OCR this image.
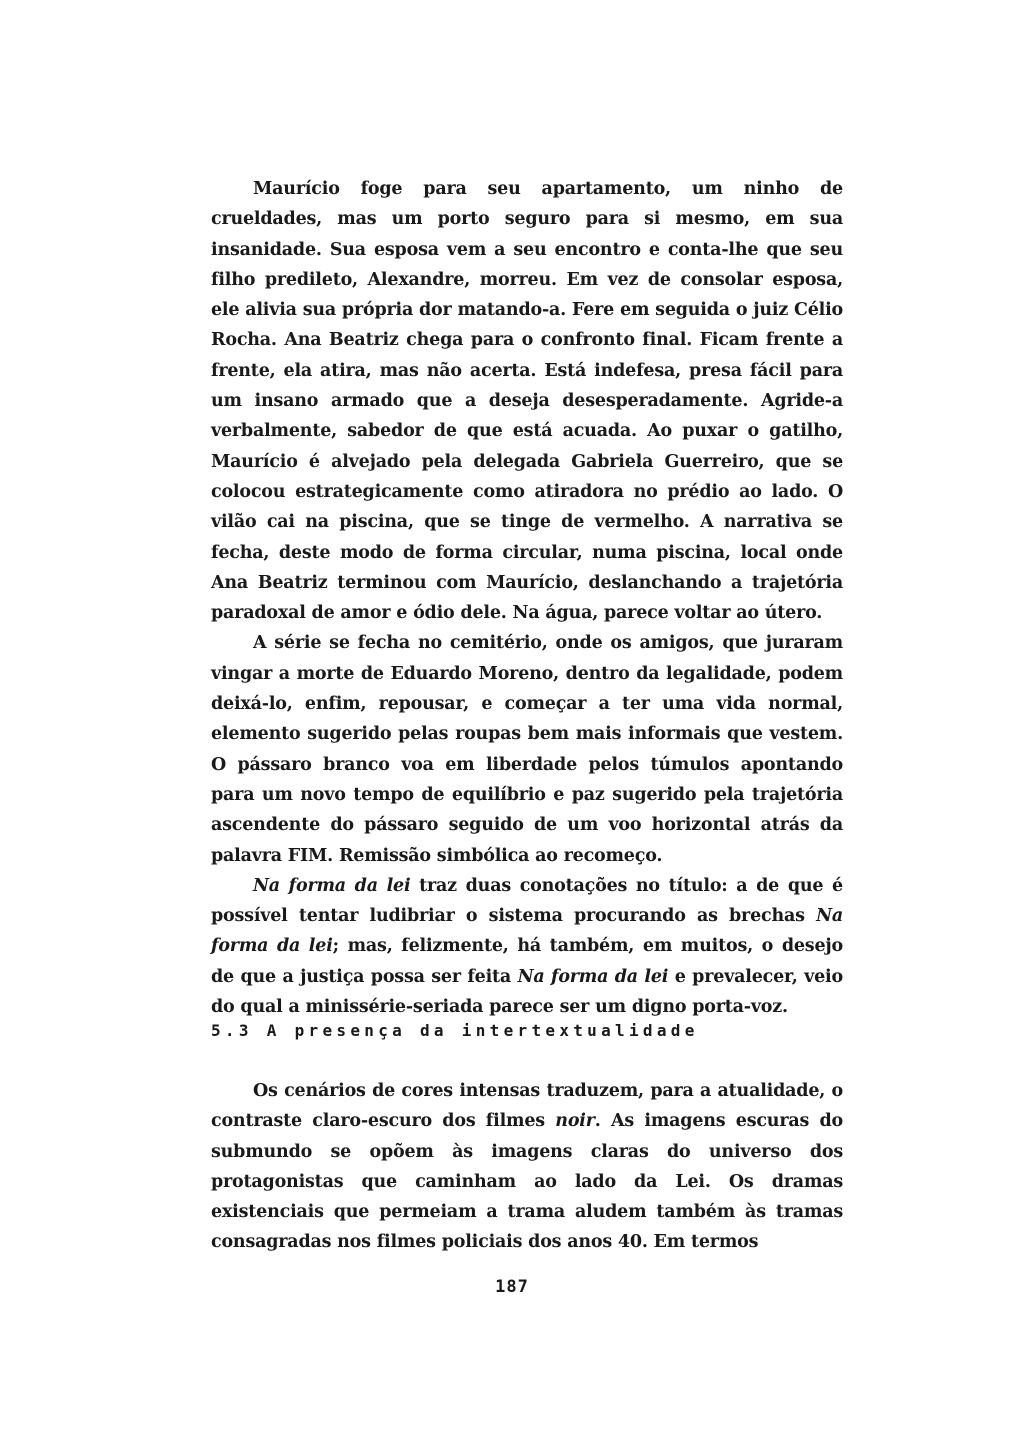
Maurício foge para seu apartamento, um ninho de crueldades, mas um porto seguro para si mesmo, em sua insanidade. Sua esposa vem a seu encontro e conta-lhe que seu filho predileto, Alexandre, morreu. Em vez de consolar esposa, ele alivia sua própria dor matando-a. Fere em seguida o juiz Célio Rocha. Ana Beatriz chega para o confronto final. Ficam frente a frente, ela atira, mas não acerta. Está indefesa, presa fácil para um insano armado que a deseja desesperadamente. Agride-a verbalmente, sabedor de que está acuada. Ao puxar o gatilho, Maurício é alvejado pela delegada Gabriela Guerreiro, que se colocou estrategicamente como atiradora no prédio ao lado. O vilão cai na piscina, que se tinge de vermelho. A narrativa se fecha, deste modo de forma circular, numa piscina, local onde Ana Beatriz terminou com Maurício, deslanchando a trajetória paradoxal de amor e ódio dele. Na água, parece voltar ao útero.

A série se fecha no cemitério, onde os amigos, que juraram vingar a morte de Eduardo Moreno, dentro da legalidade, podem deixá-lo, enfim, repousar, e começar a ter uma vida normal, elemento sugerido pelas roupas bem mais informais que vestem. O pássaro branco voa em liberdade pelos túmulos apontando para um novo tempo de equilíbrio e paz sugerido pela trajetória ascendente do pássaro seguido de um voo horizontal atrás da palavra FIM. Remissão simbólica ao recomeço.

Na forma da lei traz duas conotações no título: a de que é possível tentar ludibriar o sistema procurando as brechas Na forma da lei; mas, felizmente, há também, em muitos, o desejo de que a justiça possa ser feita Na forma da lei e prevalecer, veio do qual a minissérie-seriada parece ser um digno porta-voz.

5.3 A presença da intertextualidade

Os cenários de cores intensas traduzem, para a atualidade, o contraste claro-escuro dos filmes noir. As imagens escuras do submundo se opõem às imagens claras do universo dos protagonistas que caminham ao lado da Lei. Os dramas existenciais que permeiam a trama aludem também às tramas consagradas nos filmes policiais dos anos 40. Em termos

187
